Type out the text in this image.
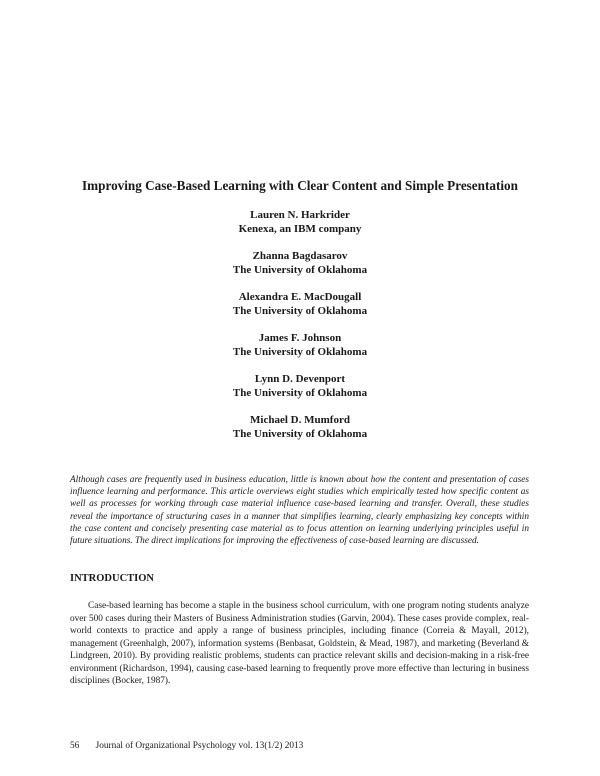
Improving Case-Based Learning with Clear Content and Simple Presentation
Lauren N. Harkrider
Kenexa, an IBM company
Zhanna Bagdasarov
The University of Oklahoma
Alexandra E. MacDougall
The University of Oklahoma
James F. Johnson
The University of Oklahoma
Lynn D. Devenport
The University of Oklahoma
Michael D. Mumford
The University of Oklahoma

Although cases are frequently used in business education, little is known about how the content and presentation of cases influence learning and performance. This article overviews eight studies which empirically tested how specific content as well as processes for working through case material influence case-based learning and transfer. Overall, these studies reveal the importance of structuring cases in a manner that simplifies learning, clearly emphasizing key concepts within the case content and concisely presenting case material as to focus attention on learning underlying principles useful in future situations. The direct implications for improving the effectiveness of case-based learning are discussed.

INTRODUCTION

Case-based learning has become a staple in the business school curriculum, with one program noting students analyze over 500 cases during their Masters of Business Administration studies (Garvin, 2004). These cases provide complex, real-world contexts to practice and apply a range of business principles, including finance (Correia & Mayall, 2012), management (Greenhalgh, 2007), information systems (Benbasat, Goldstein, & Mead, 1987), and marketing (Beverland & Lindgreen, 2010). By providing realistic problems, students can practice relevant skills and decision-making in a risk-free environment (Richardson, 1994), causing case-based learning to frequently prove more effective than lecturing in business disciplines (Bocker, 1987).

56 Journal of Organizational Psychology vol. 13(1/2) 2013
